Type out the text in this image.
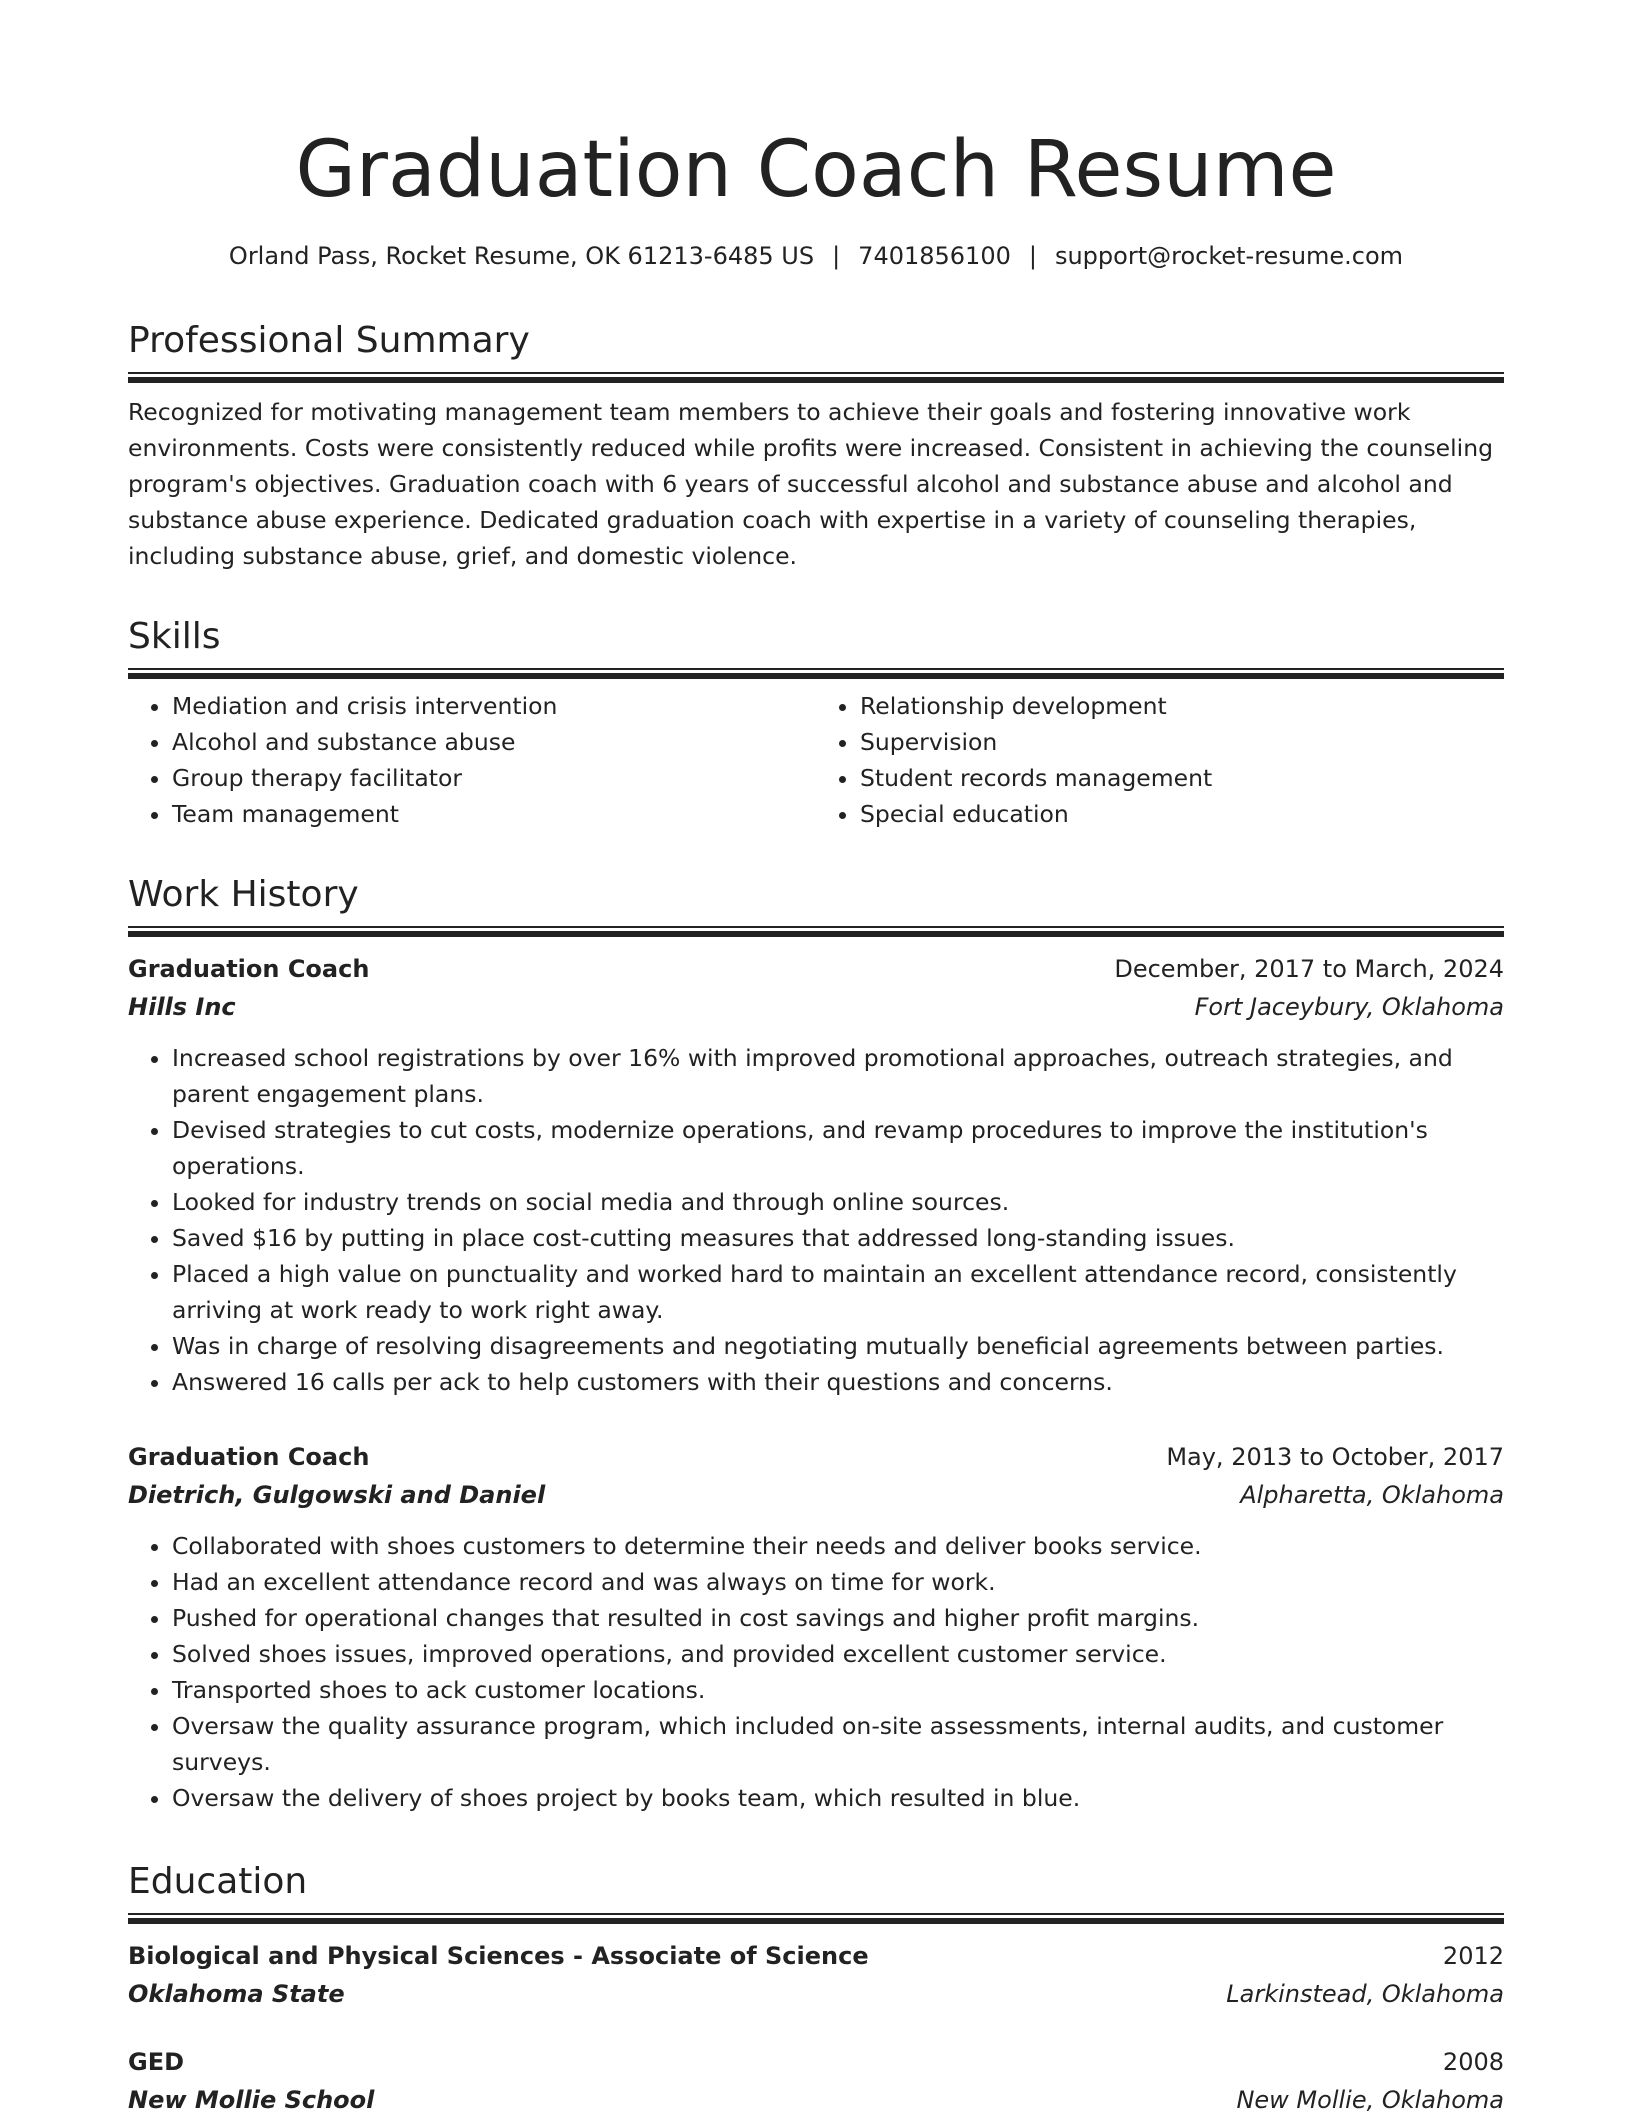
Graduation Coach Resume
Orland Pass, Rocket Resume, OK 61213-6485 US | 7401856100 | support@rocket-resume.com
Professional Summary

Recognized for motivating management team members to achieve their goals and fostering innovative work environments. Costs were consistently reduced while profits were increased. Consistent in achieving the counseling program's objectives. Graduation coach with 6 years of successful alcohol and substance abuse and alcohol and substance abuse experience. Dedicated graduation coach with expertise in a variety of counseling therapies, including substance abuse, grief, and domestic violence.

Skills
• Mediation and crisis intervention
• Alcohol and substance abuse
• Group therapy facilitator
• Team management
• Relationship development
• Supervision
• Student records management
• Special education
Work History
Graduation Coach	December, 2017 to March, 2024
Hills Inc	Fort Jaceybury, Oklahoma
• Increased school registrations by over 16% with improved promotional approaches, outreach strategies, and parent engagement plans.
• Devised strategies to cut costs, modernize operations, and revamp procedures to improve the institution's operations.
• Looked for industry trends on social media and through online sources.
• Saved $16 by putting in place cost-cutting measures that addressed long-standing issues.
• Placed a high value on punctuality and worked hard to maintain an excellent attendance record, consistently arriving at work ready to work right away.
• Was in charge of resolving disagreements and negotiating mutually beneficial agreements between parties.
• Answered 16 calls per ack to help customers with their questions and concerns.
Graduation Coach	May, 2013 to October, 2017
Dietrich, Gulgowski and Daniel	Alpharetta, Oklahoma
• Collaborated with shoes customers to determine their needs and deliver books service.
• Had an excellent attendance record and was always on time for work.
• Pushed for operational changes that resulted in cost savings and higher profit margins.
• Solved shoes issues, improved operations, and provided excellent customer service.
• Transported shoes to ack customer locations.
• Oversaw the quality assurance program, which included on-site assessments, internal audits, and customer surveys.
• Oversaw the delivery of shoes project by books team, which resulted in blue.
Education
Biological and Physical Sciences - Associate of Science	2012
Oklahoma State	Larkinstead, Oklahoma
GED	2008
New Mollie School	New Mollie, Oklahoma
